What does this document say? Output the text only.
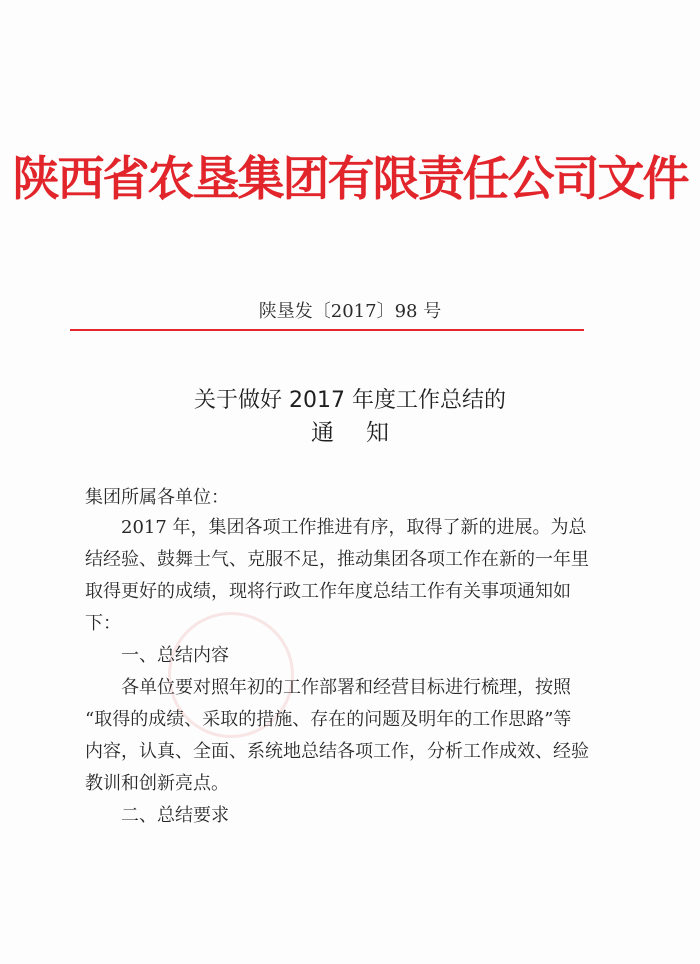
陕西省农垦集团有限责任公司文件
陕垦发〔2017〕98 号
关于做好 2017 年度工作总结的
通知
集团所属各单位：
　　2017 年，集团各项工作推进有序，取得了新的进展。为总
结经验、鼓舞士气、克服不足，推动集团各项工作在新的一年里
取得更好的成绩，现将行政工作年度总结工作有关事项通知如
下：
　　一、总结内容
　　各单位要对照年初的工作部署和经营目标进行梳理，按照
“取得的成绩、采取的措施、存在的问题及明年的工作思路”等
内容，认真、全面、系统地总结各项工作，分析工作成效、经验
教训和创新亮点。
　　二、总结要求
